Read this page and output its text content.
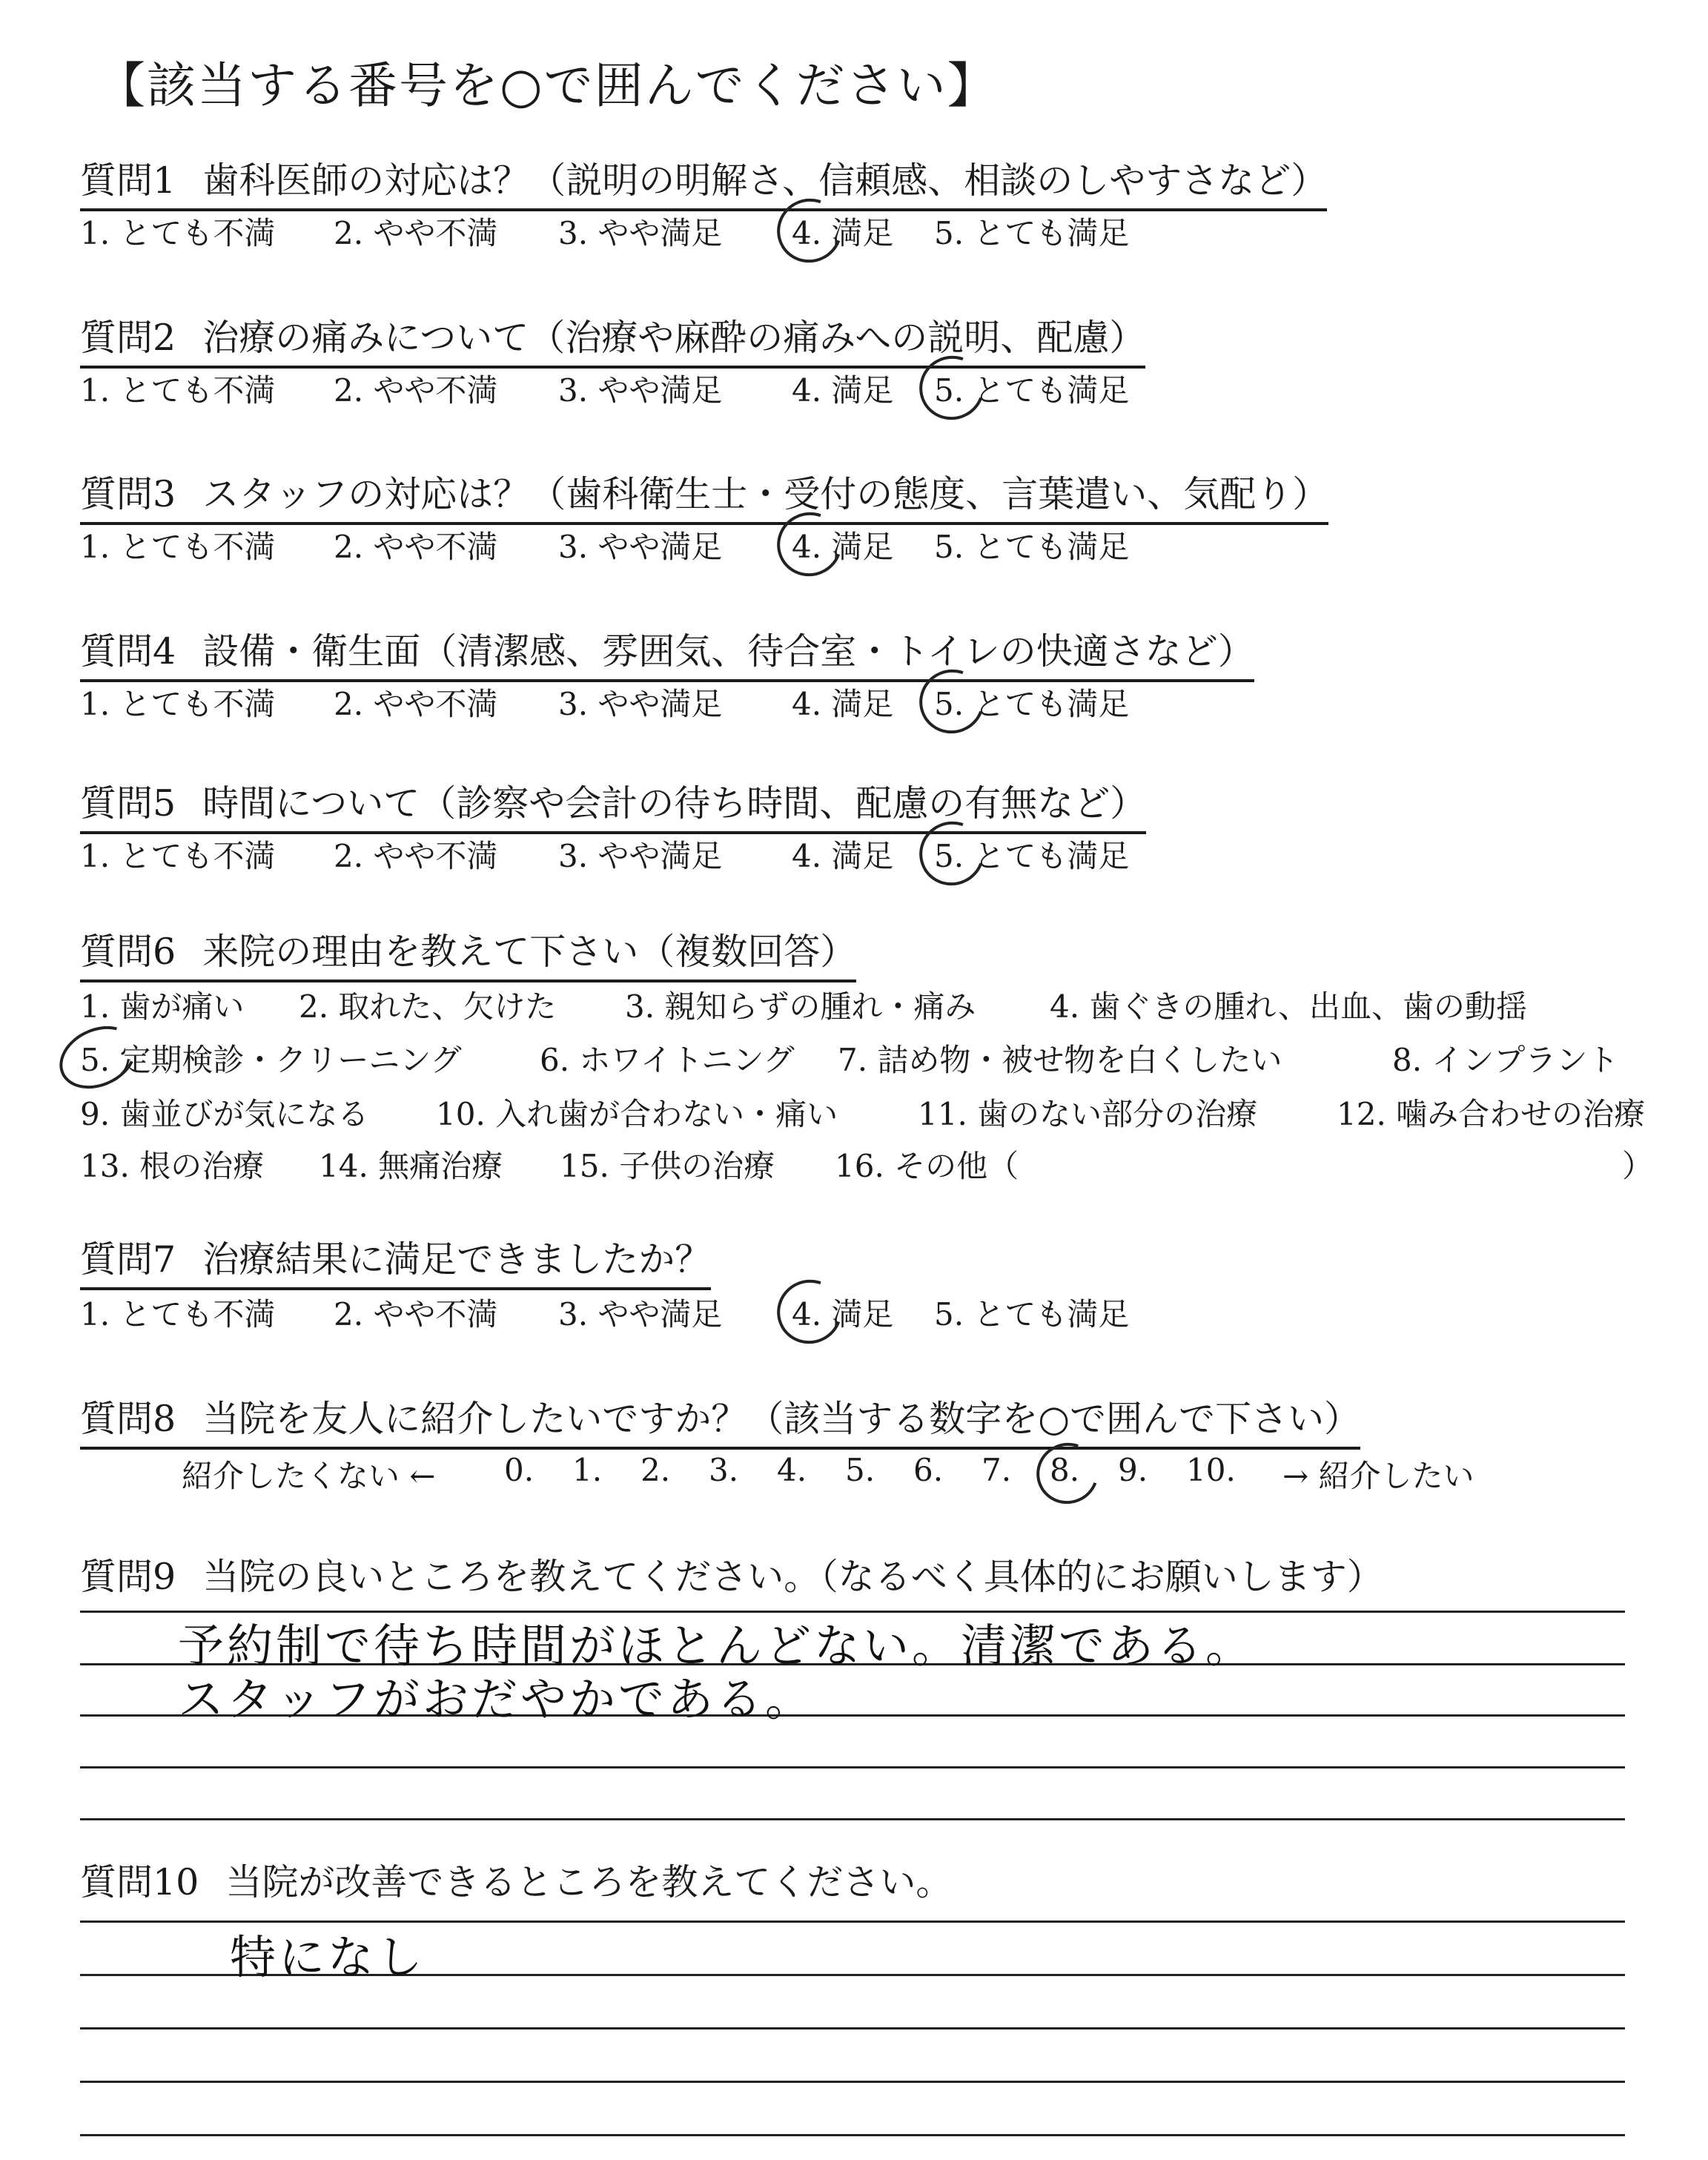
【該当する番号を○で囲んでください】
質問1 歯科医師の対応は？（説明の明解さ、信頼感、相談のしやすさなど）
1. とても不満 2. やや不満 3. やや満足 4. 満足 5. とても満足
質問2 治療の痛みについて（治療や麻酔の痛みへの説明、配慮）
1. とても不満 2. やや不満 3. やや満足 4. 満足 5. とても満足
質問3 スタッフの対応は？（歯科衛生士・受付の態度、言葉遣い、気配り）
1. とても不満 2. やや不満 3. やや満足 4. 満足 5. とても満足
質問4 設備・衛生面（清潔感、雰囲気、待合室・トイレの快適さなど）
1. とても不満 2. やや不満 3. やや満足 4. 満足 5. とても満足
質問5 時間について（診察や会計の待ち時間、配慮の有無など）
1. とても不満 2. やや不満 3. やや満足 4. 満足 5. とても満足
質問6 来院の理由を教えて下さい（複数回答）
1. 歯が痛い 2. 取れた、欠けた 3. 親知らずの腫れ・痛み 4. 歯ぐきの腫れ、出血、歯の動揺
5. 定期検診・クリーニング	6. ホワイトニング 7. 詰め物・被せ物を白くしたい	8. インプラント
9. 歯並びが気になる 10. 入れ歯が合わない・痛い	11. 歯のない部分の治療	12. 噛み合わせの治療
13. 根の治療 14. 無痛治療 15. 子供の治療 16. その他（	）
質問7 治療結果に満足できましたか？
1. とても不満 2. やや不満 3. やや満足 4. 満足 5. とても満足
質問8 当院を友人に紹介したいですか？（該当する数字を○で囲んで下さい）
紹介したくない ← 0. 1. 2. 3. 4. 5. 6. 7. 8. 9. 10. → 紹介したい
質問9 当院の良いところを教えてください。（なるべく具体的にお願いします）
予約制で待ち時間がほとんどない。清潔である。
スタッフがおだやかである。
質問10 当院が改善できるところを教えてください。
特になし
